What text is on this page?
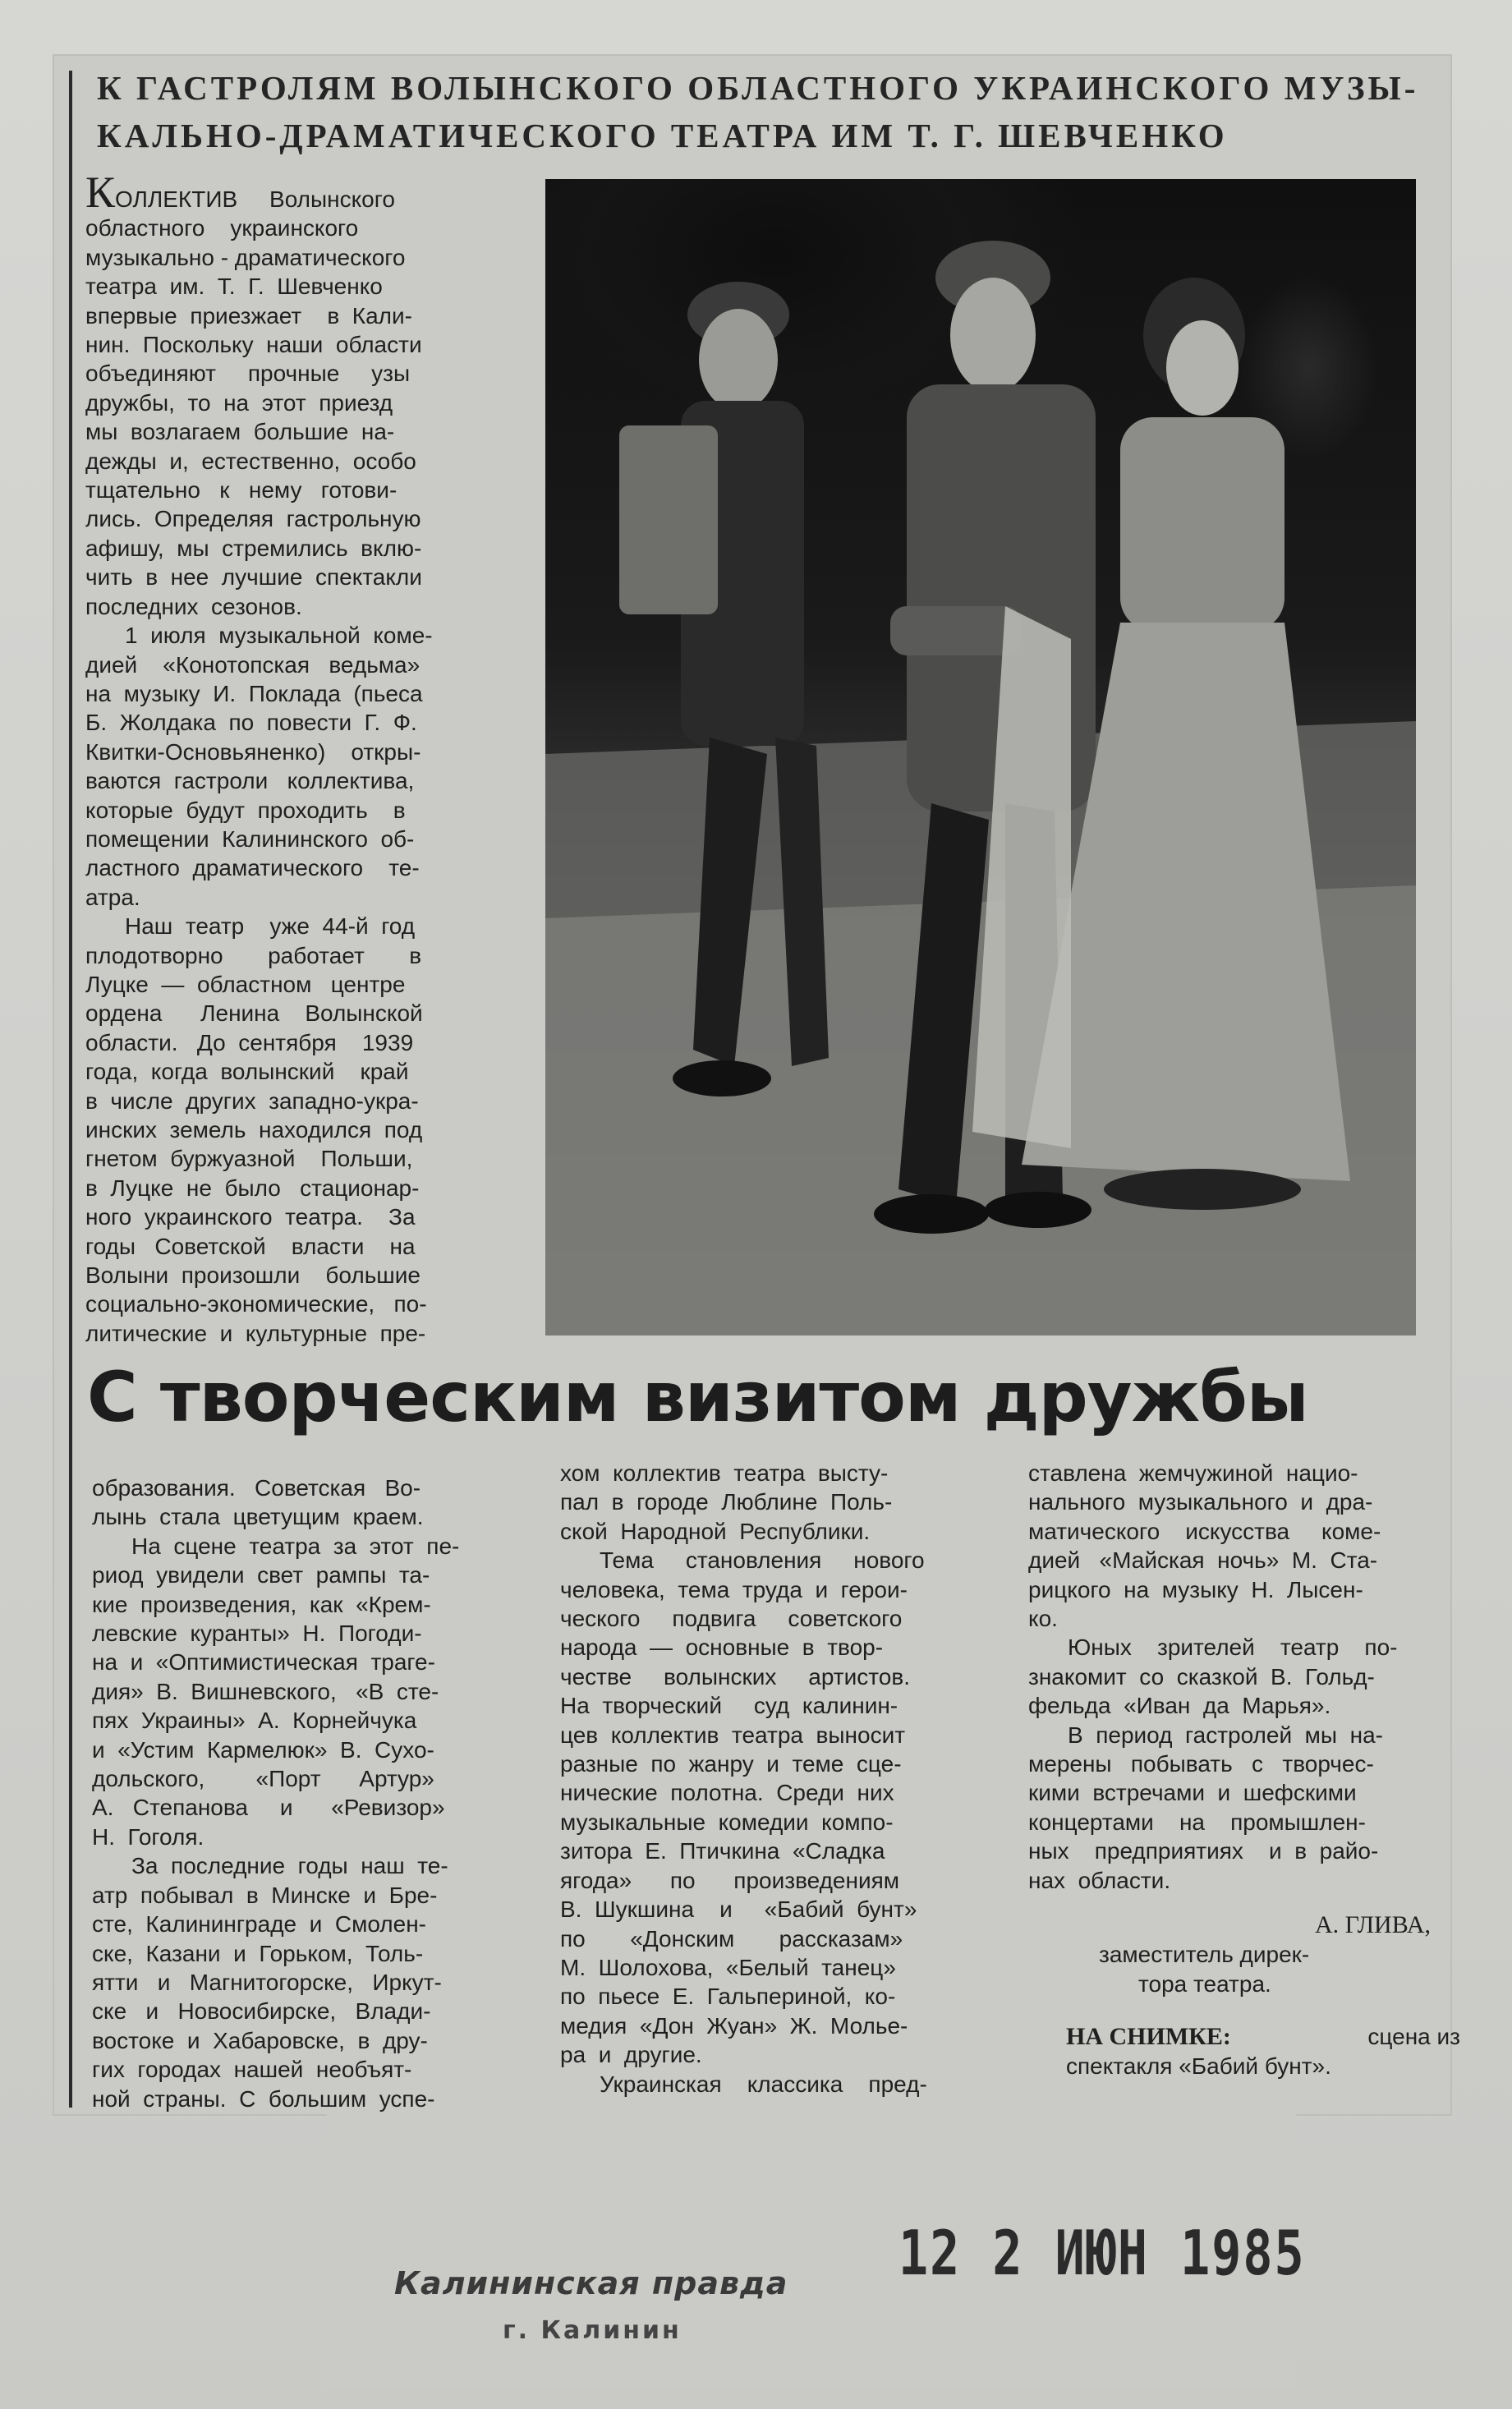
К ГАСТРОЛЯМ ВОЛЫНСКОГО ОБЛАСТНОГО УКРАИНСКОГО МУЗЫ-
КАЛЬНО-ДРАМАТИЧЕСКОГО ТЕАТРА ИМ Т. Г. ШЕВЧЕНКО
КОЛЛЕКТИВ     Волынского
областного    украинского
музыкально - драматического
театра  им.  Т.  Г.  Шевченко
впервые  приезжает    в  Кали-
нин.  Поскольку  наши  области
объединяют     прочные     узы
дружбы,  то  на  этот  приезд
мы  возлагаем  большие  на-
дежды  и,  естественно,  особо
тщательно   к   нему   готови-
лись.  Определяя  гастрольную
афишу,  мы  стремились  вклю-
чить  в  нее  лучшие  спектакли
последних  сезонов.
1  июля  музыкальной  коме-
дией    «Конотопская   ведьма»
на  музыку  И.  Поклада  (пьеса
Б.  Жолдака  по  повести  Г.  Ф.
Квитки-Основьяненко)    откры-
ваются  гастроли   коллектива,
которые  будут  проходить    в
помещении  Калининского  об-
ластного  драматического    те-
атра.
Наш  театр    уже  44-й  год
плодотворно       работает       в
Луцке  —  областном   центре
ордена      Ленина    Волынской
области.   До  сентября    1939
года,  когда  волынский    край
в  числе  других  западно-укра-
инских  земель  находился  под
гнетом  буржуазной    Польши,
в  Луцке  не  было   стационар-
ного  украинского  театра.    За
годы   Советской    власти    на
Волыни  произошли    большие
социально-экономические,   по-
литические  и  культурные  пре-
С творческим визитом дружбы
образования.   Советская   Во-
лынь  стала  цветущим  краем.
На  сцене  театра  за  этот  пе-
риод  увидели  свет  рампы  та-
кие  произведения,  как  «Крем-
левские  куранты»  Н.  Погоди-
на  и  «Оптимистическая  траге-
дия»  В.  Вишневского,   «В  сте-
пях  Украины»  А.  Корнейчука
и  «Устим  Кармелюк»  В.  Сухо-
дольского,        «Порт      Артур»
А.   Степанова     и      «Ревизор»
Н.  Гоголя.
За  последние  годы  наш  те-
атр  побывал  в  Минске  и  Бре-
сте,  Калининграде  и  Смолен-
ске,  Казани  и  Горьком,  Толь-
ятти   и   Магнитогорске,   Иркут-
ске   и   Новосибирске,   Влади-
востоке  и  Хабаровске,  в  дру-
гих  городах  нашей  необъят-
ной  страны.  С  большим  успе-
хом  коллектив  театра  высту-
пал  в  городе  Люблине  Поль-
ской  Народной  Республики.
Тема     становления     нового
человека,  тема  труда  и  герои-
ческого     подвига     советского
народа  —  основные  в  твор-
честве     волынских     артистов.
На  творческий     суд  калинин-
цев  коллектив  театра  выносит
разные  по  жанру  и  теме  сце-
нические  полотна.  Среди  них
музыкальные  комедии  компо-
зитора  Е.  Птичкина  «Сладка
ягода»      по      произведениям
В.  Шукшина    и     «Бабий  бунт»
по       «Донским       рассказам»
М.  Шолохова,  «Белый  танец»
по  пьесе  Е.  Гальпериной,  ко-
медия  «Дон  Жуан»  Ж.  Молье-
ра  и  другие.
Украинская    классика    пред-
ставлена  жемчужиной  нацио-
нального  музыкального  и  дра-
матического    искусства     коме-
дией   «Майская  ночь»  М.  Ста-
рицкого  на  музыку  Н.  Лысен-
ко.
Юных    зрителей    театр    по-
знакомит  со  сказкой  В.  Гольд-
фельда  «Иван  да  Марья».
В  период  гастролей  мы  на-
мерены   побывать   с   творчес-
кими  встречами  и  шефскими
концертами    на    промышлен-
ных    предприятиях    и  в  райо-
нах  области.
А. ГЛИВА,
заместитель дирек-
тора театра.
НА СНИМКЕ:	сцена из
спектакля «Бабий бунт».
12 2 ИЮН 1985
Калининская правда
г. Калинин
